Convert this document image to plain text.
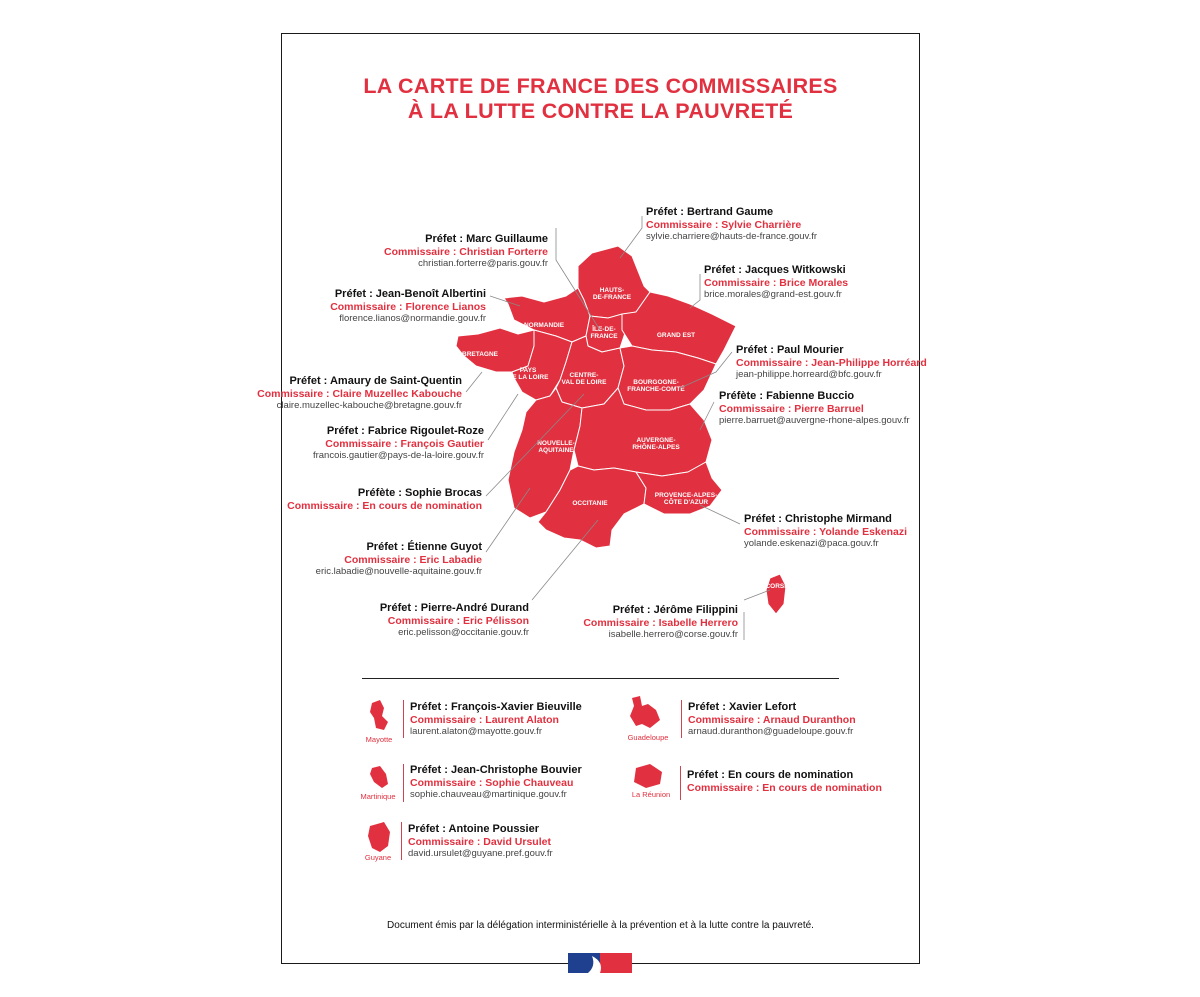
LA CARTE DE FRANCE DES COMMISSAIRES
À LA LUTTE CONTRE LA PAUVRETÉ
HAUTS-
DE-FRANCE
NORMANDIE
ÎLE-DE-
FRANCE	GRAND EST
BRETAGNE
PAYS
DE LA LOIRE	CENTRE-
VAL DE LOIRE	BOURGOGNE-
FRANCHE-COMTÉ
NOUVELLE-
AQUITAINE
AUVERGNE-
RHÔNE-ALPES
OCCITANIE
PROVENCE-ALPES-
CÔTE D'AZUR
CORSE
Préfet : Bertrand Gaume
Commissaire : Sylvie Charrière
sylvie.charriere@hauts-de-france.gouv.fr
Préfet : Jacques Witkowski
Commissaire : Brice Morales
brice.morales@grand-est.gouv.fr
Préfet : Paul Mourier
Commissaire : Jean-Philippe Horréard
jean-philippe.horreard@bfc.gouv.fr
Préfète : Fabienne Buccio
Commissaire : Pierre Barruel
pierre.barruet@auvergne-rhone-alpes.gouv.fr
Préfet : Christophe Mirmand
Commissaire : Yolande Eskenazi
yolande.eskenazi@paca.gouv.fr
Préfet : Marc Guillaume
Commissaire : Christian Forterre
christian.forterre@paris.gouv.fr
Préfet : Jean-Benoît Albertini
Commissaire : Florence Lianos
florence.lianos@normandie.gouv.fr
Préfet : Amaury de Saint-Quentin
Commissaire : Claire Muzellec Kabouche
claire.muzellec-kabouche@bretagne.gouv.fr
Préfet : Fabrice Rigoulet-Roze
Commissaire : François Gautier
francois.gautier@pays-de-la-loire.gouv.fr
Préfète : Sophie Brocas
Commissaire : En cours de nomination
Préfet : Étienne Guyot
Commissaire : Eric Labadie
eric.labadie@nouvelle-aquitaine.gouv.fr
Préfet : Pierre-André Durand
Commissaire : Eric Pélisson
eric.pelisson@occitanie.gouv.fr
Préfet : Jérôme Filippini
Commissaire : Isabelle Herrero
isabelle.herrero@corse.gouv.fr
Mayotte
Préfet : François-Xavier Bieuville
Commissaire : Laurent Alaton
laurent.alaton@mayotte.gouv.fr
Guadeloupe
Préfet : Xavier Lefort
Commissaire : Arnaud Duranthon
arnaud.duranthon@guadeloupe.gouv.fr
Martinique
Préfet : Jean-Christophe Bouvier
Commissaire : Sophie Chauveau
sophie.chauveau@martinique.gouv.fr	La Réunion
Préfet : En cours de nomination
Commissaire : En cours de nomination
Guyane
Préfet : Antoine Poussier
Commissaire : David Ursulet
david.ursulet@guyane.pref.gouv.fr
Document émis par la délégation interministérielle à la prévention et à la lutte contre la pauvreté.
